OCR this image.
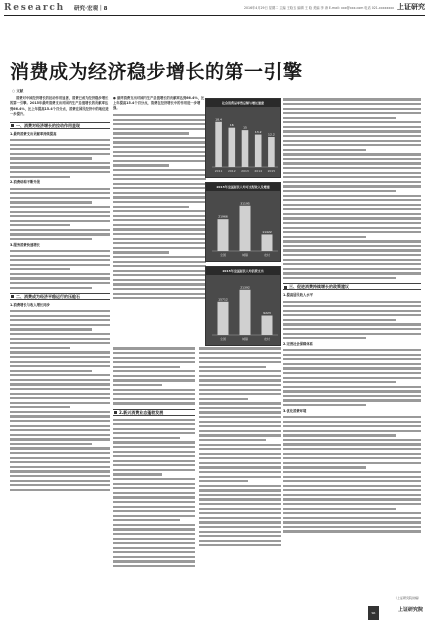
Research 研究·宏观｜8	2016年4月29日 星期二 主编 王晗玉 编辑 王 晗 美编 李 涛 E-mail: xxx@xxx.com 电话 021-xxxxxxxx 上证研究
消费成为经济稳步增长的第一引擎
○ 文献

消费对中国经济增长的拉动作用显著，消费已成为经济稳步增长的第一引擎。2015年最终消费支出对国内生产总值增长的贡献率达到66.4%，比上年提高15.4个百分点，消费在国民经济中的地位进一步提升。

一、消费对经济增长的拉动作用显现
1.最终消费支出贡献率持续提高
2.消费结构不断升级
3.服务消费快速增长
二、消费成为经济平稳运行的压舱石
1.消费增长与收入增长同步

● 最终消费支出对国内生产总值增长的贡献率达到66.4%，比上年提高15.4个百分点，消费在经济增长中的作用进一步增强。

社会消费品零售总额与增长速度
18.4
2011
16
2012
15
2013
13.2
2014
12.2
2015
2015年全国居民人均可支配收入及增速
21966
全国
31195
城镇
11422
农村
2015年全国居民人均消费支出
15712
全国
21392
城镇
9223
农村
2.新兴消费业态蓬勃发展
三、促进消费持续增长的政策建议
1.提高居民收入水平
2.完善社会保障体系
3.优化消费环境
（上证研究院供稿）
SR	上证研究院
